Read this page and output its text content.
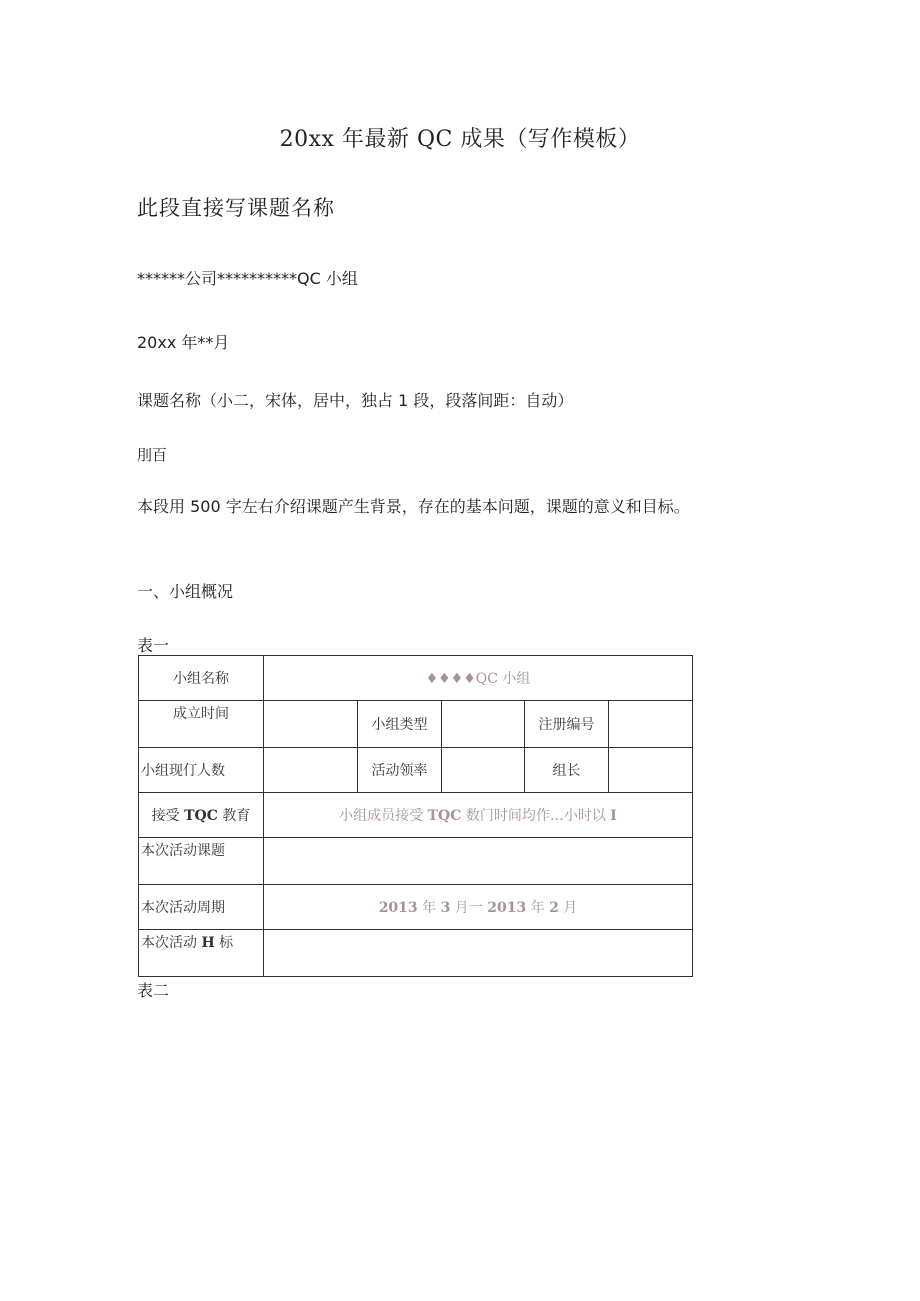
20xx 年最新 QC 成果（写作模板）
此段直接写课题名称
******公司**********QC 小组
20xx 年**月
课题名称（小二，宋体，居中，独占 1 段，段落间距：自动）
刖百
本段用 500 字左右介绍课题产生背景，存在的基本问题，课题的意义和目标。
一、小组概况
表一
小组名称	♦♦♦♦QC 小组				
成立时间		小组类型		注册编号	
小组现仃人数		活动领率		组长	
接受 TQC 教育	小组成员接受 TQC 数门时间均作…小时以 I				
本次活动课题					
本次活动周期	2013 年 3 月一 2013 年 2 月				
本次活动 H 标					
表二
